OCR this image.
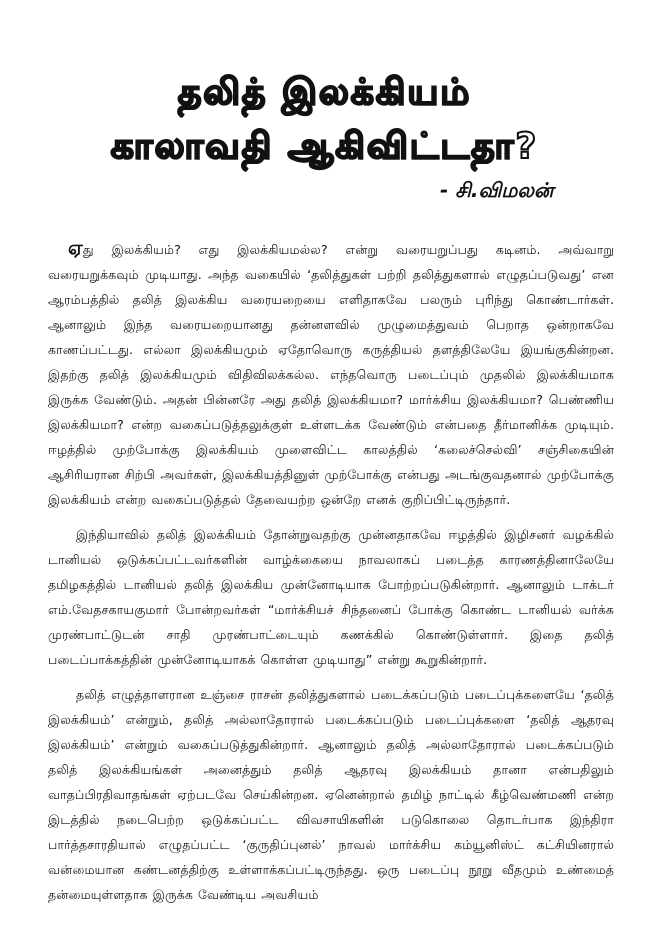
தலித் இலக்கியம்
காலாவதி ஆகிவிட்டதா?
- சி.விமலன்

ஏது இலக்கியம்? எது இலக்கியமல்ல? என்று வரையறுப்பது கடினம். அவ்வாறு வரையறுக்கவும் முடியாது. அந்த வகையில் ‘தலித்துகள் பற்றி தலித்துகளால் எழுதப்படுவது’ என ஆரம்பத்தில் தலித் இலக்கிய வரையறையை எளிதாகவே பலரும் புரிந்து கொண்டார்கள். ஆனாலும் இந்த வரையறையானது தன்னளவில் முழுமைத்துவம் பெறாத ஒன்றாகவே காணப்பட்டது. எல்லா இலக்கியமும் ஏதோவொரு கருத்தியல் தளத்திலேயே இயங்குகின்றன. இதற்கு தலித் இலக்கியமும் விதிவிலக்கல்ல. எந்தவொரு படைப்பும் முதலில் இலக்கியமாக இருக்க வேண்டும். அதன் பின்னரே அது தலித் இலக்கியமா? மார்க்சிய இலக்கியமா? பெண்ணிய இலக்கியமா? என்ற வகைப்படுத்தலுக்குள் உள்ளடக்க வேண்டும் என்பதை தீர்மானிக்க முடியும். ஈழத்தில் முற்போக்கு இலக்கியம் முளைவிட்ட காலத்தில் ‘கலைச்செல்வி’ சஞ்சிகையின் ஆசிரியரான சிற்பி அவர்கள், இலக்கியத்தினுள் முற்போக்கு என்பது அடங்குவதனால் முற்போக்கு இலக்கியம் என்ற வகைப்படுத்தல் தேவையற்ற ஒன்றே எனக் குறிப்பிட்டிருந்தார்.

இந்தியாவில் தலித் இலக்கியம் தோன்றுவதற்கு முன்னதாகவே ஈழத்தில் இழிசனர் வழக்கில் டானியல் ஒடுக்கப்பட்டவர்களின் வாழ்க்கையை நாவலாகப் படைத்த காரணத்தினாலேயே தமிழகத்தில் டானியல் தலித் இலக்கிய முன்னோடியாக போற்றப்படுகின்றார். ஆனாலும் டாக்டர் எம்.வேதசகாயகுமார் போன்றவர்கள் “மார்க்சியச் சிந்தனைப் போக்கு கொண்ட டானியல் வர்க்க முரண்பாட்டுடன் சாதி முரண்பாட்டையும் கணக்கில் கொண்டுள்ளார். இதை தலித் படைப்பாக்கத்தின் முன்னோடியாகக் கொள்ள முடியாது” என்று கூறுகின்றார்.

தலித் எழுத்தாளரான உஞ்சை ராசன் தலித்துகளால் படைக்கப்படும் படைப்புக்களையே ‘தலித் இலக்கியம்’ என்றும், தலித் அல்லாதோரால் படைக்கப்படும் படைப்புக்களை ‘தலித் ஆதரவு இலக்கியம்’ என்றும் வகைப்படுத்துகின்றார். ஆனாலும் தலித் அல்லாதோரால் படைக்கப்படும் தலித் இலக்கியங்கள் அனைத்தும் தலித் ஆதரவு இலக்கியம் தானா என்பதிலும் வாதப்பிரதிவாதங்கள் ஏற்படவே செய்கின்றன. ஏனென்றால் தமிழ் நாட்டில் கீழ்வெண்மணி என்ற இடத்தில் நடைபெற்ற ஒடுக்கப்பட்ட விவசாயிகளின் படுகொலை தொடர்பாக இந்திரா பார்த்தசாரதியால் எழுதப்பட்ட ‘குருதிப்புனல்’ நாவல் மார்க்சிய கம்யூனிஸ்ட் கட்சியினரால் வன்மையான கண்டனத்திற்கு உள்ளாக்கப்பட்டிருந்தது. ஒரு படைப்பு நூறு வீதமும் உண்மைத் தன்மையுள்ளதாக இருக்க வேண்டிய அவசியம்
